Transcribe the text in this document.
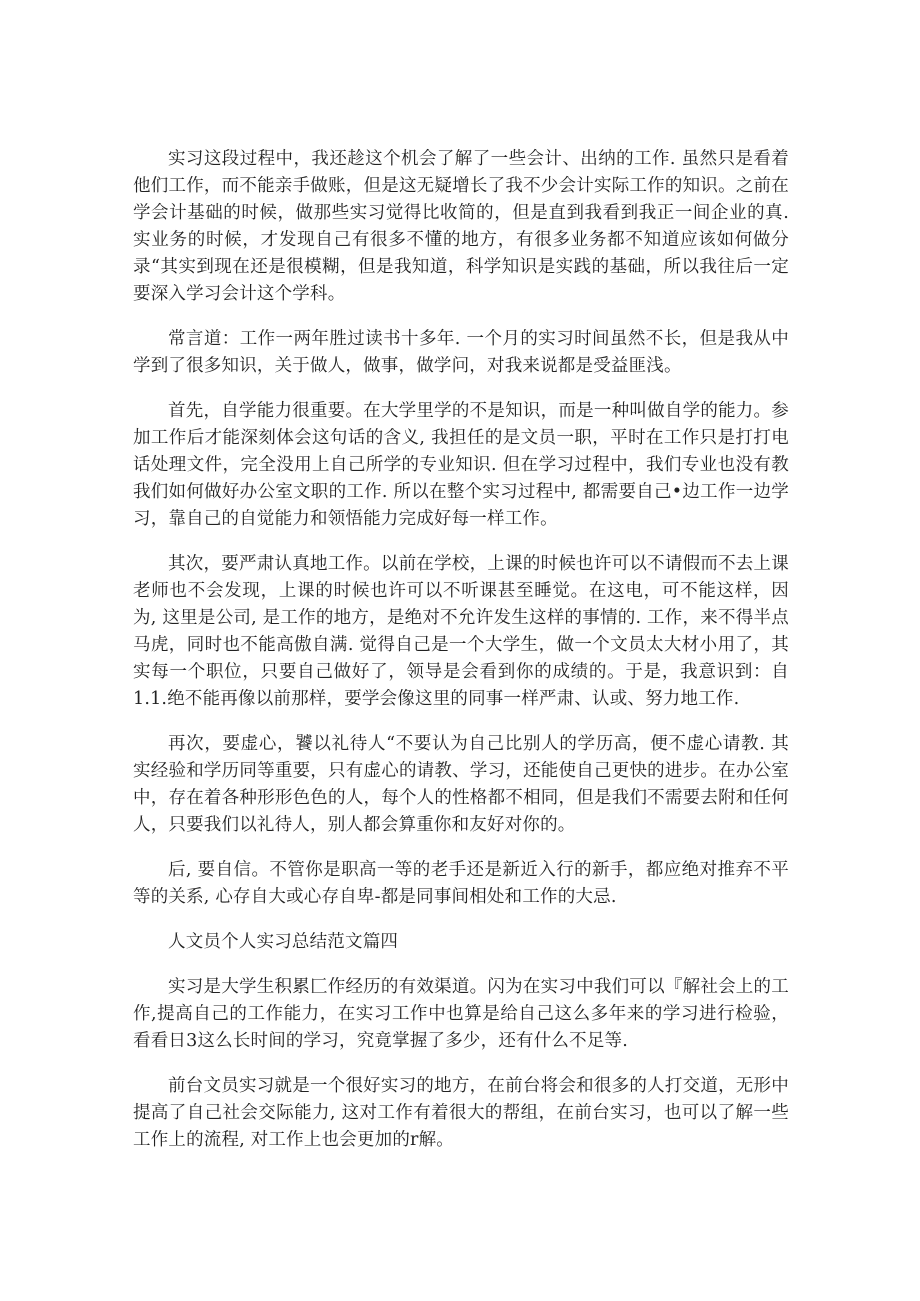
实习这段过程中，我还趁这个机会了解了一些会计、出纳的工作. 虽然只是看着他们工作，而不能亲手做账，但是这无疑增长了我不少会计实际工作的知识。之前在学会计基础的时候，做那些实习觉得比收简的，但是直到我看到我正一间企业的真.实业务的时候，才发现自己有很多不懂的地方，有很多业务都不知道应该如何做分录“其实到现在还是很模糊，但是我知道，科学知识是实践的基础，所以我往后一定要深入学习会计这个学科。

常言道：工作一两年胜过读书十多年. 一个月的实习时间虽然不长，但是我从中学到了很多知识，关于做人，做事，做学问，对我来说都是受益匪浅。

首先，自学能力很重要。在大学里学的不是知识，而是一种叫做自学的能力。参加工作后才能深刻体会这句话的含义, 我担任的是文员一职，平时在工作只是打打电话处理文件，完全没用上自己所学的专业知识. 但在学习过程中，我们专业也没有教我们如何做好办公室文职的工作. 所以在整个实习过程中, 都需要自己•边工作一边学习，靠自己的自觉能力和领悟能力完成好每一样工作。

其次，要严肃认真地工作。以前在学校，上课的时候也许可以不请假而不去上课老师也不会发现，上课的时候也许可以不听课甚至睡觉。在这电，可不能这样，因为, 这里是公司, 是工作的地方，是绝对不允许发生这样的事情的. 工作，来不得半点马虎，同时也不能高傲自满. 觉得自己是一个大学生，做一个文员太大材小用了，其实每一个职位，只要自己做好了，领导是会看到你的成绩的。于是，我意识到：自1.1.绝不能再像以前那样，要学会像这里的同事一样严肃、认或、努力地工作.

再次，要虚心，饕以礼待人“不要认为自己比别人的学历高，便不虚心请教. 其实经验和学历同等重要，只有虚心的请教、学习，还能使自己更快的进步。在办公室中，存在着各种形形色色的人，每个人的性格都不相同，但是我们不需要去附和任何人，只要我们以礼待人，别人都会算重你和友好对你的。

后, 要自信。不管你是职高一等的老手还是新近入行的新手，都应绝对推弃不平等的关系, 心存自大或心存自卑-都是同事间相处和工作的大忌.

人文员个人实习总结范文篇四

实习是大学生积累匚作经历的有效渠道。闪为在实习中我们可以『解社会上的工作,提高自己的工作能力，在实习工作中也算是给自己这么多年来的学习进行检验，看看日3这么长时间的学习，究竟掌握了多少，还有什么不足等.

前台文员实习就是一个很好实习的地方，在前台将会和很多的人打交道，无形中提高了自己社会交际能力, 这对工作有着很大的帮组，在前台实习，也可以了解一些工作上的流程, 对工作上也会更加的r解。
